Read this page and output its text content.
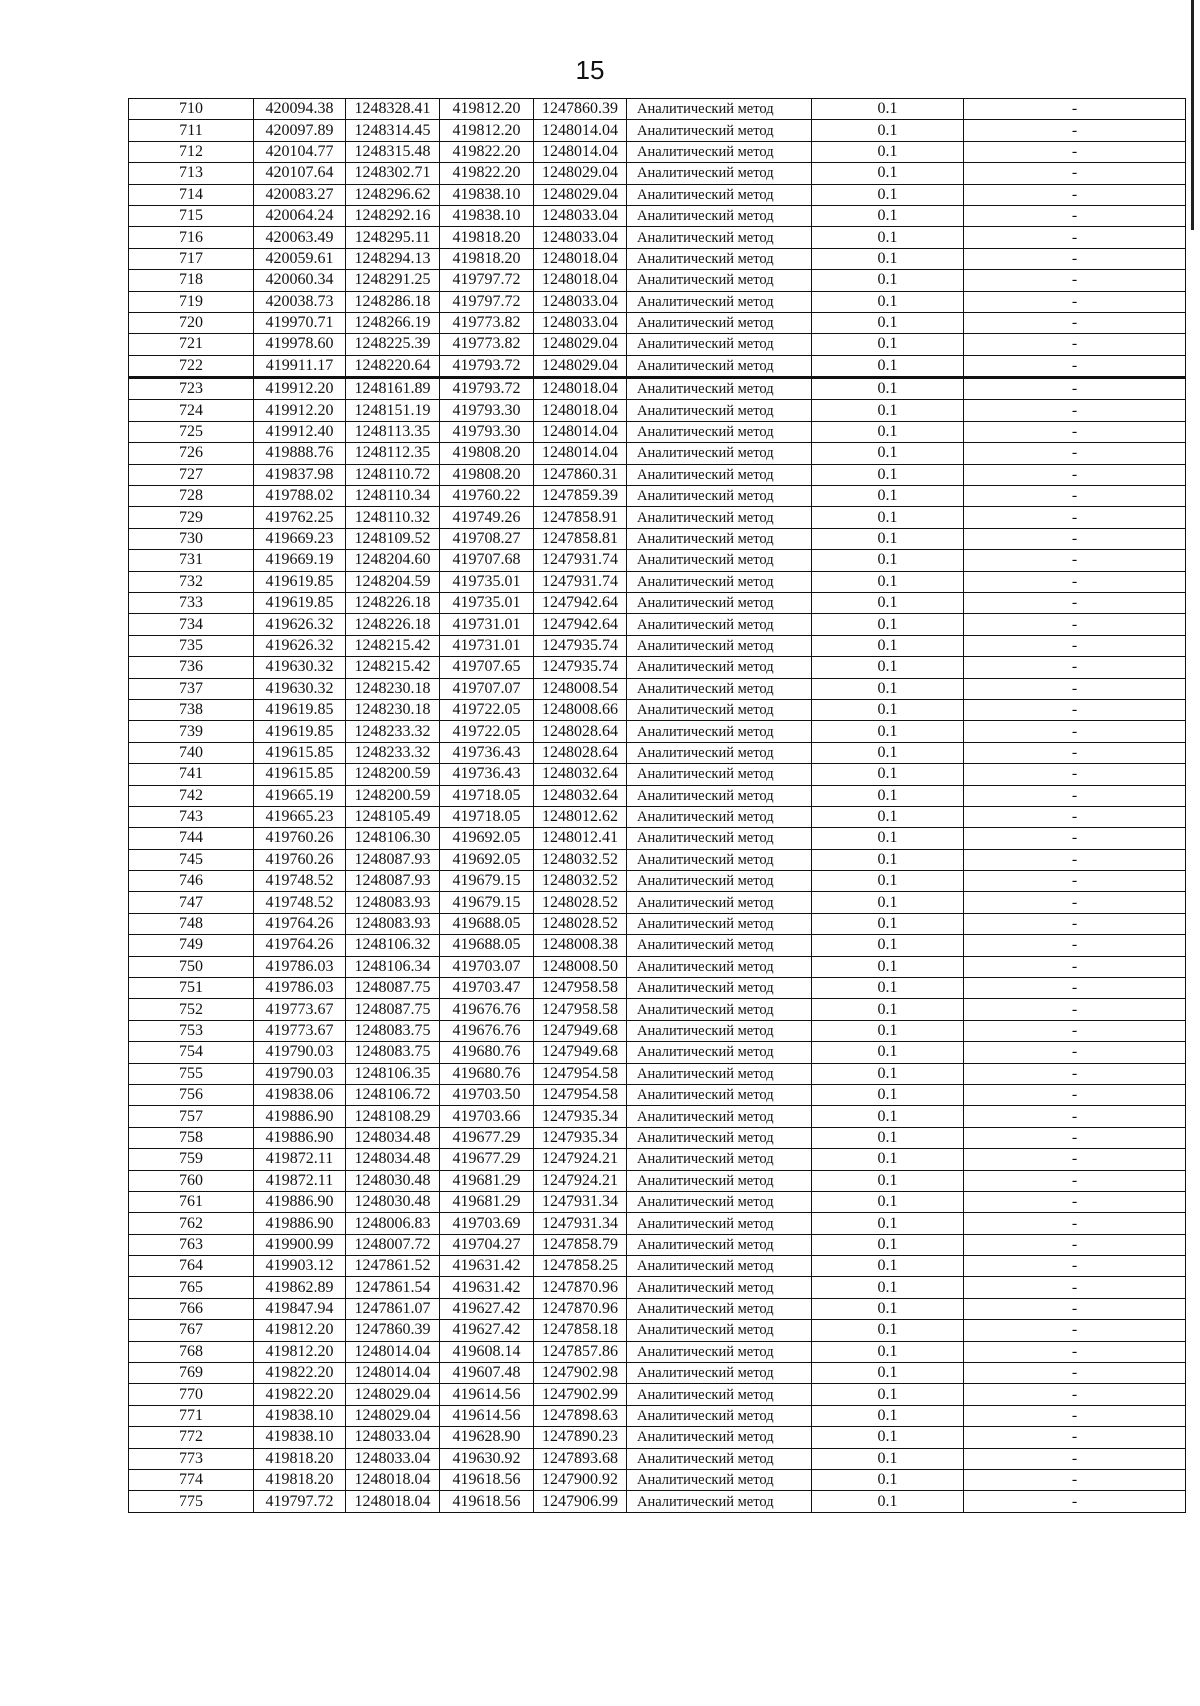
15
710	420094.38	1248328.41	419812.20	1247860.39	Аналитический метод	0.1	-
711	420097.89	1248314.45	419812.20	1248014.04	Аналитический метод	0.1	-
712	420104.77	1248315.48	419822.20	1248014.04	Аналитический метод	0.1	-
713	420107.64	1248302.71	419822.20	1248029.04	Аналитический метод	0.1	-
714	420083.27	1248296.62	419838.10	1248029.04	Аналитический метод	0.1	-
715	420064.24	1248292.16	419838.10	1248033.04	Аналитический метод	0.1	-
716	420063.49	1248295.11	419818.20	1248033.04	Аналитический метод	0.1	-
717	420059.61	1248294.13	419818.20	1248018.04	Аналитический метод	0.1	-
718	420060.34	1248291.25	419797.72	1248018.04	Аналитический метод	0.1	-
719	420038.73	1248286.18	419797.72	1248033.04	Аналитический метод	0.1	-
720	419970.71	1248266.19	419773.82	1248033.04	Аналитический метод	0.1	-
721	419978.60	1248225.39	419773.82	1248029.04	Аналитический метод	0.1	-
722	419911.17	1248220.64	419793.72	1248029.04	Аналитический метод	0.1	-
723	419912.20	1248161.89	419793.72	1248018.04	Аналитический метод	0.1	-
724	419912.20	1248151.19	419793.30	1248018.04	Аналитический метод	0.1	-
725	419912.40	1248113.35	419793.30	1248014.04	Аналитический метод	0.1	-
726	419888.76	1248112.35	419808.20	1248014.04	Аналитический метод	0.1	-
727	419837.98	1248110.72	419808.20	1247860.31	Аналитический метод	0.1	-
728	419788.02	1248110.34	419760.22	1247859.39	Аналитический метод	0.1	-
729	419762.25	1248110.32	419749.26	1247858.91	Аналитический метод	0.1	-
730	419669.23	1248109.52	419708.27	1247858.81	Аналитический метод	0.1	-
731	419669.19	1248204.60	419707.68	1247931.74	Аналитический метод	0.1	-
732	419619.85	1248204.59	419735.01	1247931.74	Аналитический метод	0.1	-
733	419619.85	1248226.18	419735.01	1247942.64	Аналитический метод	0.1	-
734	419626.32	1248226.18	419731.01	1247942.64	Аналитический метод	0.1	-
735	419626.32	1248215.42	419731.01	1247935.74	Аналитический метод	0.1	-
736	419630.32	1248215.42	419707.65	1247935.74	Аналитический метод	0.1	-
737	419630.32	1248230.18	419707.07	1248008.54	Аналитический метод	0.1	-
738	419619.85	1248230.18	419722.05	1248008.66	Аналитический метод	0.1	-
739	419619.85	1248233.32	419722.05	1248028.64	Аналитический метод	0.1	-
740	419615.85	1248233.32	419736.43	1248028.64	Аналитический метод	0.1	-
741	419615.85	1248200.59	419736.43	1248032.64	Аналитический метод	0.1	-
742	419665.19	1248200.59	419718.05	1248032.64	Аналитический метод	0.1	-
743	419665.23	1248105.49	419718.05	1248012.62	Аналитический метод	0.1	-
744	419760.26	1248106.30	419692.05	1248012.41	Аналитический метод	0.1	-
745	419760.26	1248087.93	419692.05	1248032.52	Аналитический метод	0.1	-
746	419748.52	1248087.93	419679.15	1248032.52	Аналитический метод	0.1	-
747	419748.52	1248083.93	419679.15	1248028.52	Аналитический метод	0.1	-
748	419764.26	1248083.93	419688.05	1248028.52	Аналитический метод	0.1	-
749	419764.26	1248106.32	419688.05	1248008.38	Аналитический метод	0.1	-
750	419786.03	1248106.34	419703.07	1248008.50	Аналитический метод	0.1	-
751	419786.03	1248087.75	419703.47	1247958.58	Аналитический метод	0.1	-
752	419773.67	1248087.75	419676.76	1247958.58	Аналитический метод	0.1	-
753	419773.67	1248083.75	419676.76	1247949.68	Аналитический метод	0.1	-
754	419790.03	1248083.75	419680.76	1247949.68	Аналитический метод	0.1	-
755	419790.03	1248106.35	419680.76	1247954.58	Аналитический метод	0.1	-
756	419838.06	1248106.72	419703.50	1247954.58	Аналитический метод	0.1	-
757	419886.90	1248108.29	419703.66	1247935.34	Аналитический метод	0.1	-
758	419886.90	1248034.48	419677.29	1247935.34	Аналитический метод	0.1	-
759	419872.11	1248034.48	419677.29	1247924.21	Аналитический метод	0.1	-
760	419872.11	1248030.48	419681.29	1247924.21	Аналитический метод	0.1	-
761	419886.90	1248030.48	419681.29	1247931.34	Аналитический метод	0.1	-
762	419886.90	1248006.83	419703.69	1247931.34	Аналитический метод	0.1	-
763	419900.99	1248007.72	419704.27	1247858.79	Аналитический метод	0.1	-
764	419903.12	1247861.52	419631.42	1247858.25	Аналитический метод	0.1	-
765	419862.89	1247861.54	419631.42	1247870.96	Аналитический метод	0.1	-
766	419847.94	1247861.07	419627.42	1247870.96	Аналитический метод	0.1	-
767	419812.20	1247860.39	419627.42	1247858.18	Аналитический метод	0.1	-
768	419812.20	1248014.04	419608.14	1247857.86	Аналитический метод	0.1	-
769	419822.20	1248014.04	419607.48	1247902.98	Аналитический метод	0.1	-
770	419822.20	1248029.04	419614.56	1247902.99	Аналитический метод	0.1	-
771	419838.10	1248029.04	419614.56	1247898.63	Аналитический метод	0.1	-
772	419838.10	1248033.04	419628.90	1247890.23	Аналитический метод	0.1	-
773	419818.20	1248033.04	419630.92	1247893.68	Аналитический метод	0.1	-
774	419818.20	1248018.04	419618.56	1247900.92	Аналитический метод	0.1	-
775	419797.72	1248018.04	419618.56	1247906.99	Аналитический метод	0.1	-
